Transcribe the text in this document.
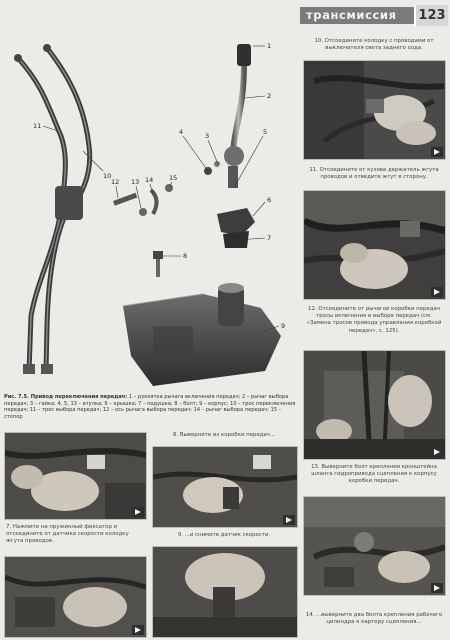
трансмиссия	123
1
2
3
4	5
6
7
8
9
10
11
12 13 14 15
Рис. 7.5. Привод переключения передач: 1 – рукоятка рычага включения передач; 2 – рычаг выбора передач; 3 – гайка; 4, 5, 13 – втулка; 6 – крышка; 7 – подушка; 8 – болт; 9 – корпус; 10 – трос переключения передач; 11 – трос выбора передач; 12 – ось рычага выбора передач; 14 – рычаг выбора передач; 15 – стопор
10. Отсоедините колодку с проводами от выключателя света заднего хода.
11. Отсоедините от кузова держатель жгута проводов и отведите жгут в сторону.
12. Отсоедините от рычагов коробки передач тросы включения и выбора передач (см. «Замена тросов привода управления коробкой передач», с. 125).
13. Выверните болт крепления кронштейна шланга гидропривода сцепления к корпусу коробки передач.
14. ...выверните два болта крепления рабочего цилиндра к картеру сцепления...
7. Нажмите на пружинный фиксатор и отсоедините от датчика скорости колодку жгута проводов.
8. Выверните из коробки передач...
9. ...и снимите датчик скорости.
